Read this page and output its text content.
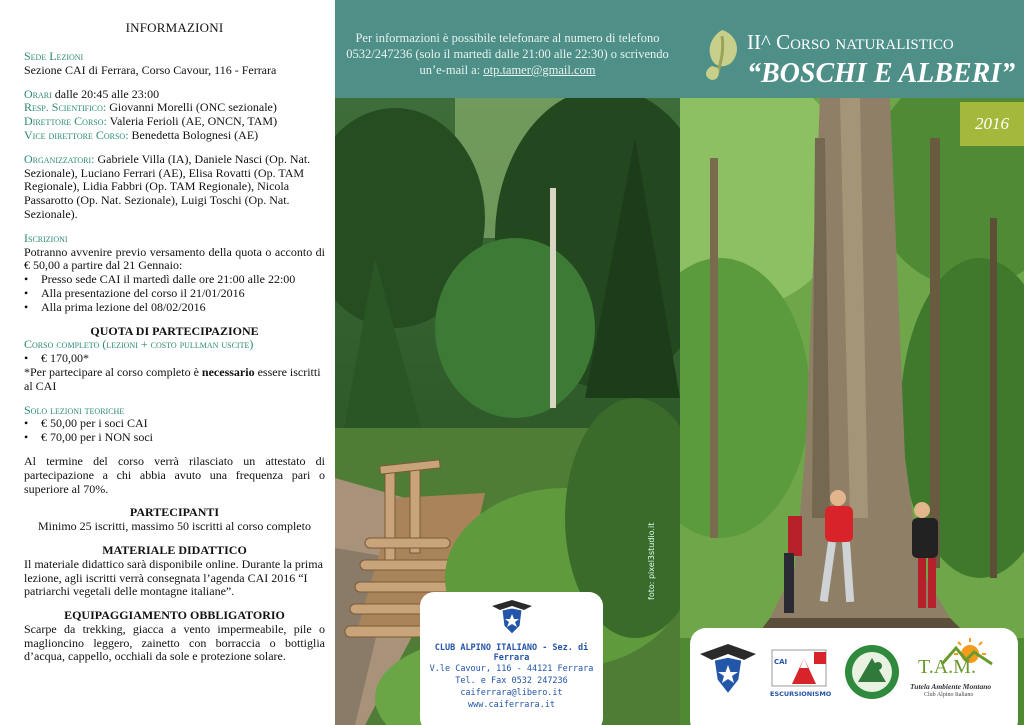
INFORMAZIONI
Sede Lezioni
Sezione CAI di Ferrara, Corso Cavour, 116 - Ferrara
Orari dalle 20:45 alle 23:00
Resp. Scientifico: Giovanni Morelli (ONC sezionale)
Direttore Corso: Valeria Ferioli (AE, ONCN, TAM)
Vice direttore Corso: Benedetta Bolognesi (AE)
Organizzatori: Gabriele Villa (IA), Daniele Nasci (Op. Nat. Sezionale), Luciano Ferrari (AE), Elisa Rovatti (Op. TAM Regionale), Lidia Fabbri (Op. TAM Regionale), Nicola Passarotto (Op. Nat. Sezionale), Luigi Toschi (Op. Nat. Sezionale).
Iscrizioni
Potranno avvenire previo versamento della quota o acconto di € 50,00 a partire dal 21 Gennaio:
• Presso sede CAI il martedì dalle ore 21:00 alle 22:00
• Alla presentazione del corso il 21/01/2016
• Alla prima lezione del 08/02/2016
QUOTA DI PARTECIPAZIONE
Corso completo (lezioni + costo pullman uscite)
• € 170,00*
*Per partecipare al corso completo è necessario essere iscritti al CAI
Solo lezioni teoriche
• € 50,00 per i soci CAI
• € 70,00 per i NON soci
Al termine del corso verrà rilasciato un attestato di partecipazione a chi abbia avuto una frequenza pari o superiore al 70%.
PARTECIPANTI
Minimo 25 iscritti, massimo 50 iscritti al corso completo
MATERIALE DIDATTICO
Il materiale didattico sarà disponibile online. Durante la prima lezione, agli iscritti verrà consegnata l’agenda CAI 2016 “I patriarchi vegetali delle montagne italiane”.
EQUIPAGGIAMENTO OBBLIGATORIO
Scarpe da trekking, giacca a vento impermeabile, pile o maglioncino leggero, zainetto con borraccia o bottiglia d’acqua, cappello, occhiali da sole e protezione solare.
Per informazioni è possibile telefonare al numero di telefono 0532/247236 (solo il martedì dalle 21:00 alle 22:30) o scrivendo un’e-mail a: otp.tamer@gmail.com
CLUB ALPINO ITALIANO - Sez. di Ferrara
V.le Cavour, 116 - 44121 Ferrara
Tel. e Fax 0532 247236
caiferrara@libero.it
www.caiferrara.it
foto: pixel3studio.it
II^ Corso naturalistico
“BOSCHI E ALBERI”
2016
CAI
ESCURSIONISMO
T.A.M.
Tutela Ambiente Montano
Club Alpino Italiano
